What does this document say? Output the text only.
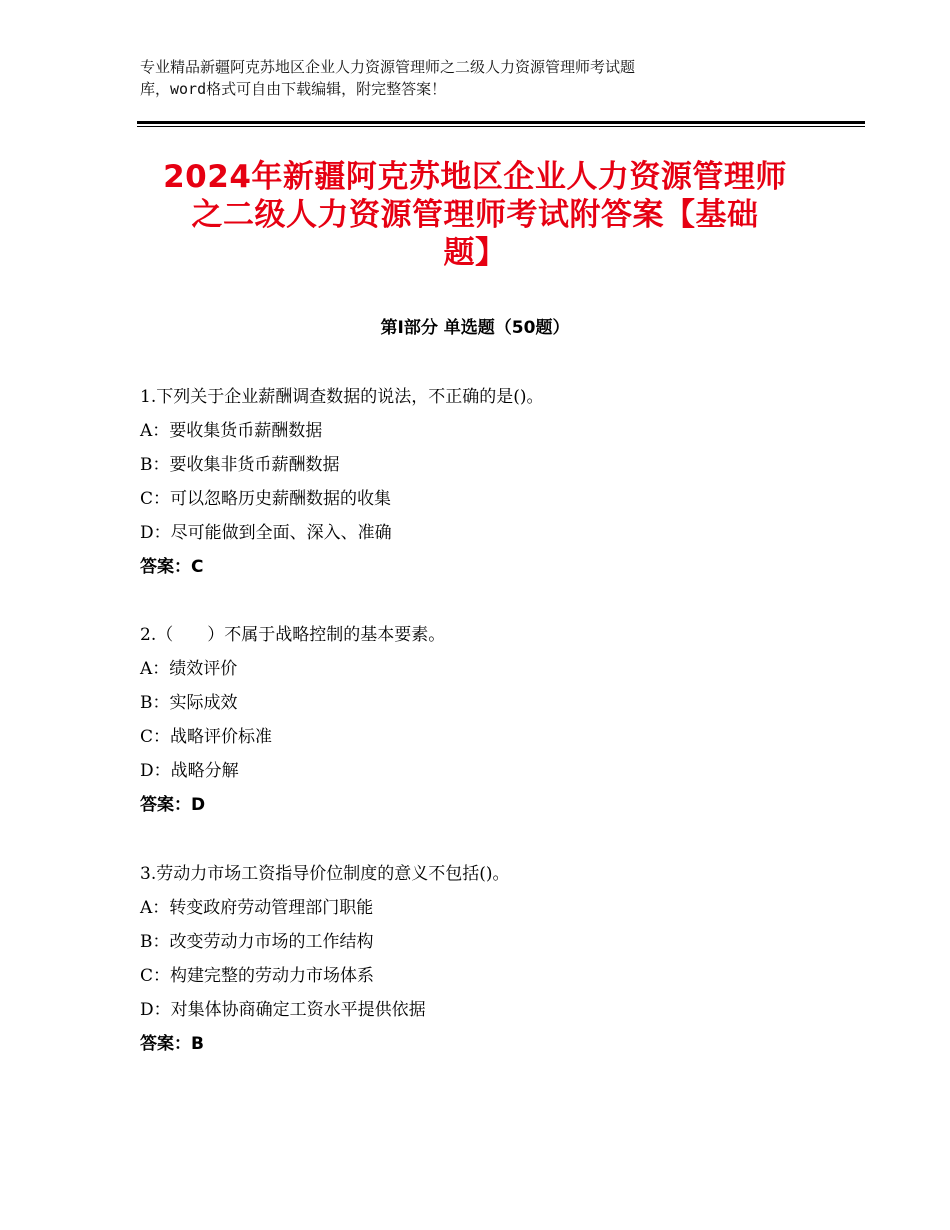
专业精品新疆阿克苏地区企业人力资源管理师之二级人力资源管理师考试题
库，word格式可自由下载编辑，附完整答案！
2024年新疆阿克苏地区企业人力资源管理师
之二级人力资源管理师考试附答案【基础
题】
第Ⅰ部分 单选题（50题）
1.下列关于企业薪酬调查数据的说法，不正确的是()。
A：要收集货币薪酬数据
B：要收集非货币薪酬数据
C：可以忽略历史薪酬数据的收集
D：尽可能做到全面、深入、准确
答案：C
2.（　　）不属于战略控制的基本要素。
A：绩效评价
B：实际成效
C：战略评价标准
D：战略分解
答案：D
3.劳动力市场工资指导价位制度的意义不包括()。
A：转变政府劳动管理部门职能
B：改变劳动力市场的工作结构
C：构建完整的劳动力市场体系
D：对集体协商确定工资水平提供依据
答案：B
